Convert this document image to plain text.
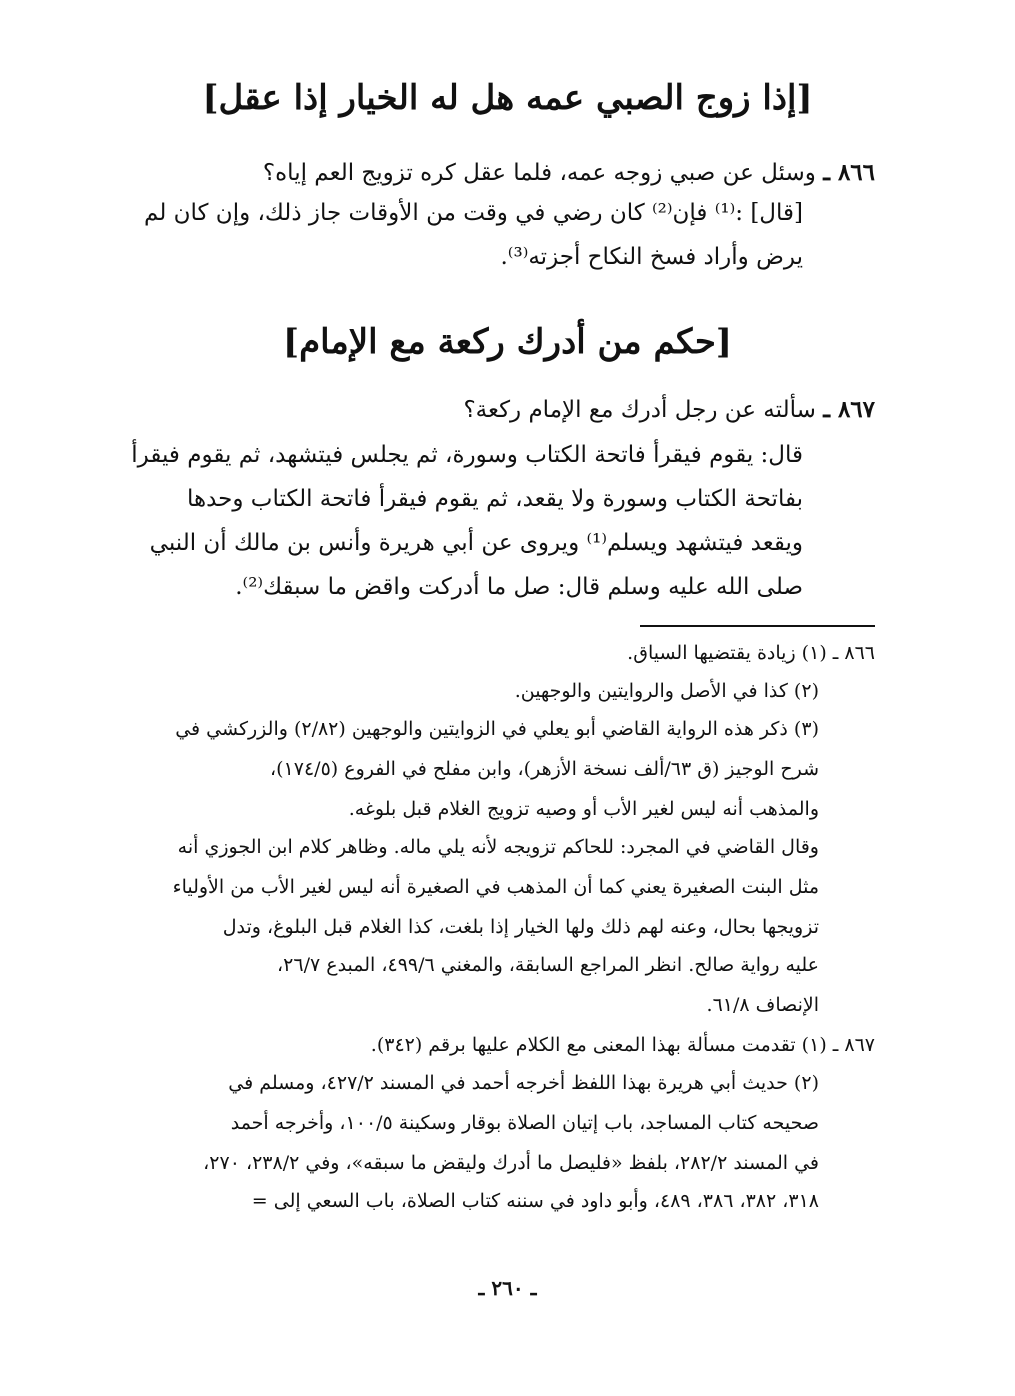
[إذا زوج الصبي عمه هل له الخيار إذا عقل]
٨٦٦ ـ وسئل عن صبي زوجه عمه، فلما عقل كره تزويج العم إياه؟
[قال] :⁽¹⁾ فإن⁽²⁾ كان رضي في وقت من الأوقات جاز ذلك، وإن كان لم
يرض وأراد فسخ النكاح أجزته⁽³⁾.
[حكم من أدرك ركعة مع الإمام]
٨٦٧ ـ سألته عن رجل أدرك مع الإمام ركعة؟
قال: يقوم فيقرأ فاتحة الكتاب وسورة، ثم يجلس فيتشهد، ثم يقوم فيقرأ
بفاتحة الكتاب وسورة ولا يقعد، ثم يقوم فيقرأ فاتحة الكتاب وحدها
ويقعد فيتشهد ويسلم⁽¹⁾ ويروى عن أبي هريرة وأنس بن مالك أن النبي
صلى الله عليه وسلم قال: صل ما أدركت واقض ما سبقك⁽²⁾.
٨٦٦ ـ (١) زيادة يقتضيها السياق.
(٢) كذا في الأصل والروايتين والوجهين.
(٣) ذكر هذه الرواية القاضي أبو يعلي في الزوايتين والوجهين (٢/٨٢) والزركشي في
شرح الوجيز (ق ٦٣/ألف نسخة الأزهر)، وابن مفلح في الفروع (١٧٤/٥)،
والمذهب أنه ليس لغير الأب أو وصيه تزويج الغلام قبل بلوغه.
وقال القاضي في المجرد: للحاكم تزويجه لأنه يلي ماله. وظاهر كلام ابن الجوزي أنه
مثل البنت الصغيرة يعني كما أن المذهب في الصغيرة أنه ليس لغير الأب من الأولياء
تزويجها بحال، وعنه لهم ذلك ولها الخيار إذا بلغت، كذا الغلام قبل البلوغ، وتدل
عليه رواية صالح. انظر المراجع السابقة، والمغني ٤٩٩/٦، المبدع ٢٦/٧،
الإنصاف ٦١/٨.
٨٦٧ ـ (١) تقدمت مسألة بهذا المعنى مع الكلام عليها برقم (٣٤٢).
(٢) حديث أبي هريرة بهذا اللفظ أخرجه أحمد في المسند ٤٢٧/٢، ومسلم في
صحيحه كتاب المساجد، باب إتيان الصلاة بوقار وسكينة ١٠٠/٥، وأخرجه أحمد
في المسند ٢٨٢/٢، بلفظ «فليصل ما أدرك وليقض ما سبقه»، وفي ٢٣٨/٢، ٢٧٠،
٣١٨، ٣٨٢، ٣٨٦، ٤٨٩، وأبو داود في سننه كتاب الصلاة، باب السعي إلى =
ـ ٢٦٠ ـ
